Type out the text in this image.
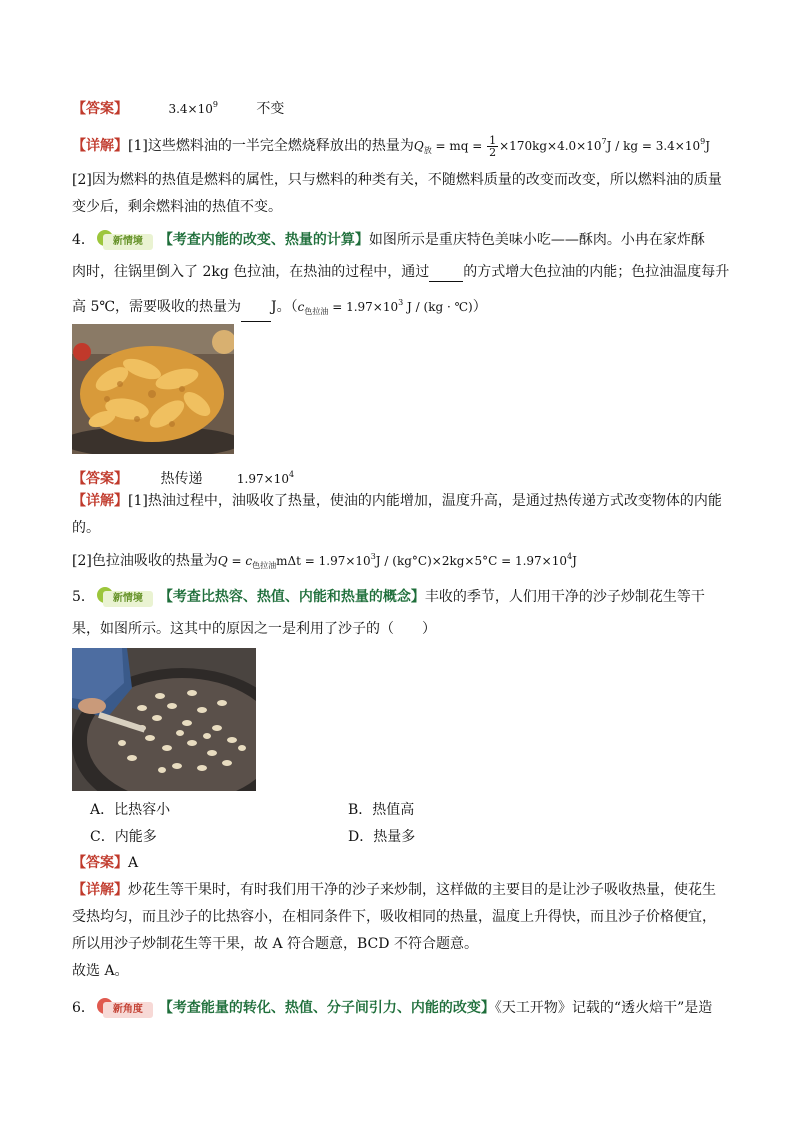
【答案】	$3.4\times 10^9$	不变
【详解】[1]这些燃料油的一半完全燃烧释放出的热量为$Q_放$ = mq = $\frac{1}{2} \times 170kg\times 4.0\times 10^7J$ / kg = $3.4\times 10^9J$
[2]因为燃料的热值是燃料的属性，只与燃料的种类有关，不随燃料质量的改变而改变，所以燃料油的质量
变少后，剩余燃料油的热值不变。
4．	新情境	【考查内能的改变、热量的计算】如图所示是重庆特色美味小吃——酥肉。小冉在家炸酥
肉时，往锅里倒入了 2kg 色拉油，在热油的过程中，通过 的方式增大色拉油的内能；色拉油温度每升
高 5℃，需要吸收的热量为 J。（$c_{色拉油} = 1.97\times 10^3$ J / (kg · ℃)）
【答案】 热传递	$1.97\times 10^4$
【详解】[1]热油过程中，油吸收了热量，使油的内能增加，温度升高，是通过热传递方式改变物体的内能
的。
[2]色拉油吸收的热量为$Q = c_{色拉油}m\Delta t = 1.97\times 10^3J / (kg^\circ C)\times 2kg\times 5^\circ C = 1.97\times 10^4J$
5．	新情境	【考查比热容、热值、内能和热量的概念】丰收的季节，人们用干净的沙子炒制花生等干
果，如图所示。这其中的原因之一是利用了沙子的（　　）
A．比热容小	B．热值高
C．内能多	D．热量多
【答案】A
【详解】炒花生等干果时，有时我们用干净的沙子来炒制，这样做的主要目的是让沙子吸收热量，使花生
受热均匀，而且沙子的比热容小，在相同条件下，吸收相同的热量，温度上升得快，而且沙子价格便宜，
所以用沙子炒制花生等干果，故 A 符合题意，BCD 不符合题意。
故选 A。
6．	新角度	【考查能量的转化、热值、分子间引力、内能的改变】《天工开物》记载的“透火焙干”是造
